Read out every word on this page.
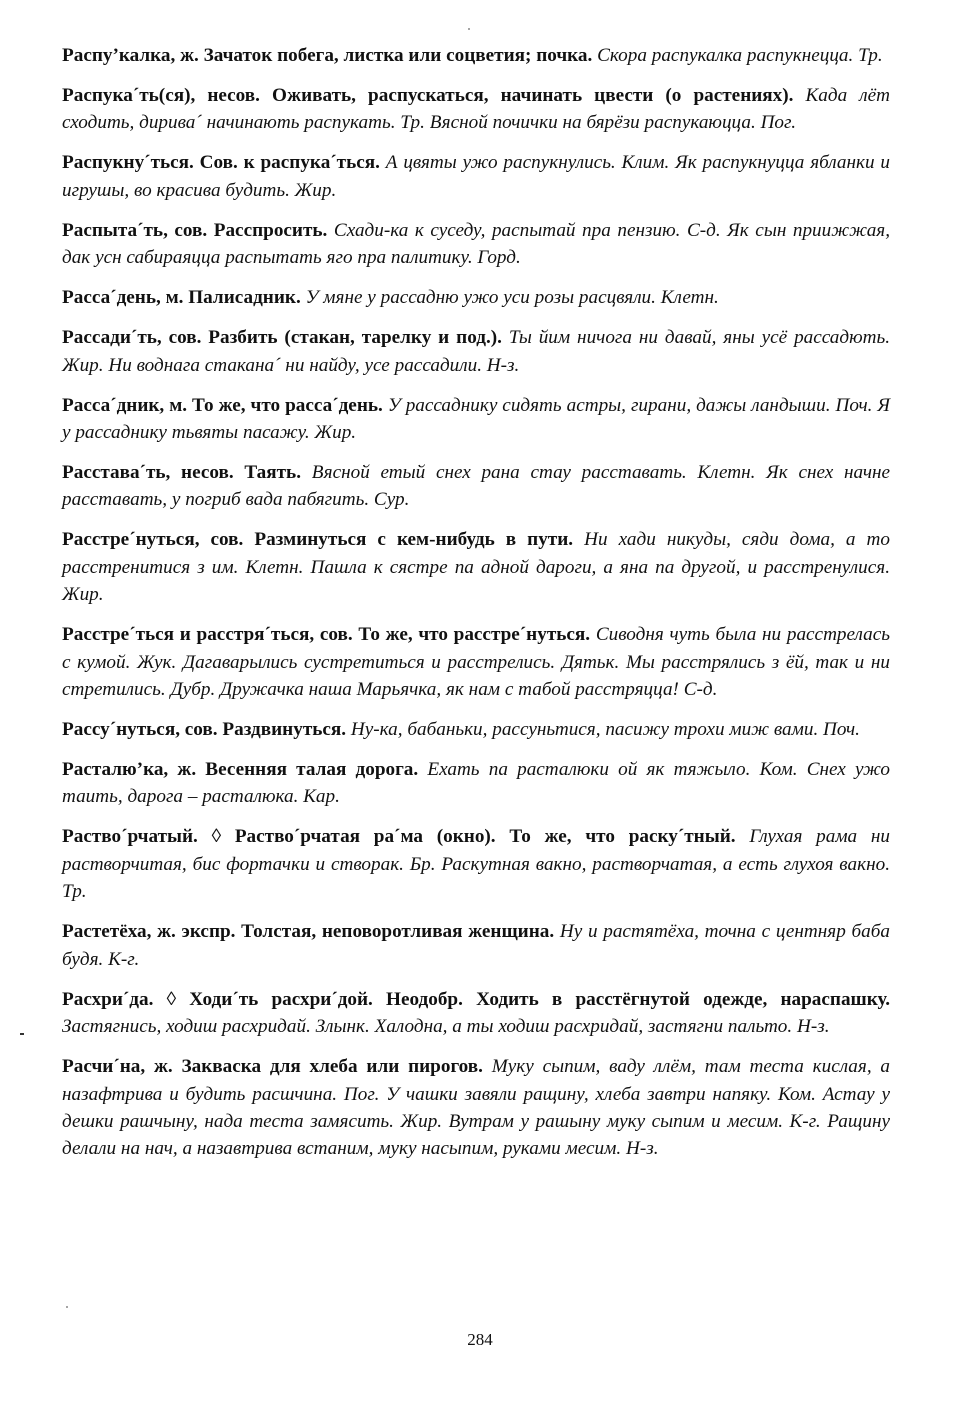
Распу’калка, ж. Зачаток побега, листка или соцветия; почка. Скора распукалка распукнеццa. Тр.

Распука´ть(ся), несов. Оживать, распускаться, начинать цвести (о растениях). Када лёт сходить, дирива´ начинають распукать. Тр. Вясной почички на бярёзи распукаюцца. Пог.

Распукну´ться. Сов. к распука´ться. А цвяты ужо распукнулись. Клим. Як распукнуцца ябланки и игрушы, во красива будить. Жир.

Распыта´ть, сов. Расспросить. Схади-ка к суседу, распытай пра пензию. С-д. Як сын приижжая, дак усн сабираяцца распытать яго пра палитику. Горд.

Расса´день, м. Палисадник. У мяне у рассадню ужо уси розы расцвяли. Клетн.

Рассади´ть, сов. Разбить (стакан, тарелку и под.). Ты йим ничога ни давай, яны усё рассадють. Жир. Ни воднага стакана´ ни найду, усе рассадили. Н-з.

Расса´дник, м. То же, что расса´день. У рассаднику сидять астры, гирани, дажы ландыши. Поч. Я у рассаднику тьвяты пасажу. Жир.

Расстава´ть, несов. Таять. Вясной етый снех рана стау расставать. Клетн. Як снех начне расставать, у погриб вада пабягить. Сур.

Расстре´нуться, сов. Разминуться с кем-нибудь в пути. Ни хади никуды, сяди дома, а то расстренитися з им. Клетн. Пашла к сястре па адной дароги, а яна па другой, и расстренулися. Жир.

Расстре´ться и расстря´ться, сов. То же, что расстре´нуться. Сиводня чуть была ни расстрелась с кумой. Жук. Дагаварылись сустретиться и расстрелись. Дятьк. Мы расстрялись з ёй, так и ни стретились. Дубр. Дружачка наша Марьячка, як нам с табой расстряцца! С-д.

Рассу´нуться, сов. Раздвинуться. Ну-ка, бабаньки, рассуньтися, пасижу трохи миж вами. Поч.

Расталю’ка, ж. Весенняя талая дорога. Ехать па расталюки ой як тяжыло. Ком. Снех ужо таить, дарога – расталюка. Кар.

Раство´рчатый. ◊ Раство´рчатая ра´ма (окно). То же, что раску´тный. Глухая рама ни растворчитая, бис фортачки и створак. Бр. Раскутная вакно, растворчатая, а есть глухоя вакно. Тр.

Растетёха, ж. экспр. Толстая, неповоротливая женщина. Ну и растятёха, точна с центняр баба будя. К-г.

Расхри´да. ◊ Ходи´ть расхри´дой. Неодобр. Ходить в расстёгнутой одежде, нараспашку. Застягнись, ходиш расхридай. Злынк. Халодна, а ты ходиш расхридай, застягни пальто. Н-з.

Расчи´на, ж. Закваска для хлеба или пирогов. Муку сыпим, ваду ллём, там теста кислая, а назафтрива и будить расшчина. Пог. У чашки завяли ращину, хлеба завтри напяку. Ком. Астау у дешки рашчыну, нада теста замясить. Жир. Вутрам у рашыну муку сыпим и месим. К-г. Ращину делали на нач, а назавтрива встаним, муку насыпим, руками месим. Н-з.

284
